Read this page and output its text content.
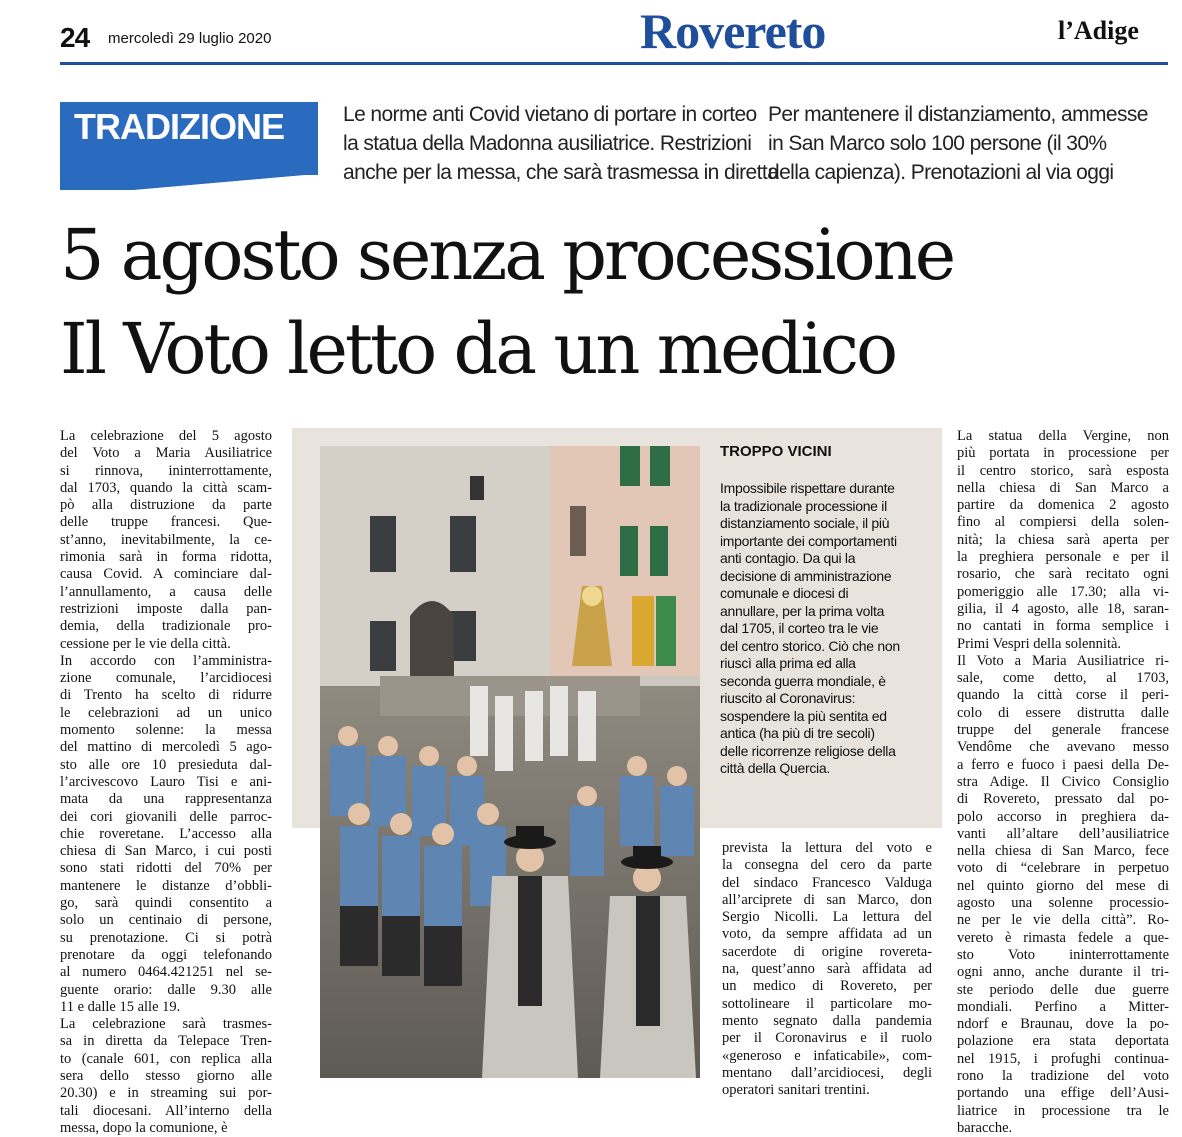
24 mercoledì 29 luglio 2020	Rovereto	l’Adige
TRADIZIONE	Le norme anti Covid vietano di portare in corteo
la statua della Madonna ausiliatrice. Restrizioni
anche per la messa, che sarà trasmessa in diretta
Per mantenere il distanziamento, ammesse
in San Marco solo 100 persone (il 30%
della capienza). Prenotazioni al via oggi
5 agosto senza processione
Il Voto letto da un medico
La celebrazione del 5 agosto
del Voto a Maria Ausiliatrice
si rinnova, ininterrottamente,
dal 1703, quando la città scam-
pò alla distruzione da parte
delle truppe francesi. Que-
st’anno, inevitabilmente, la ce-
rimonia sarà in forma ridotta,
causa Covid. A cominciare dal-
l’annullamento, a causa delle
restrizioni imposte dalla pan-
demia, della tradizionale pro-
cessione per le vie della città.
In accordo con l’amministra-
zione comunale, l’arcidiocesi
di Trento ha scelto di ridurre
le celebrazioni ad un unico
momento solenne: la messa
del mattino di mercoledì 5 ago-
sto alle ore 10 presieduta dal-
l’arcivescovo Lauro Tisi e ani-
mata da una rappresentanza
dei cori giovanili delle parroc-
chie roveretane. L’accesso alla
chiesa di San Marco, i cui posti
sono stati ridotti del 70% per
mantenere le distanze d’obbli-
go, sarà quindi consentito a
solo un centinaio di persone,
su prenotazione. Ci si potrà
prenotare da oggi telefonando
al numero 0464.421251 nel se-
guente orario: dalle 9.30 alle
11 e dalle 15 alle 19.
La celebrazione sarà trasmes-
sa in diretta da Telepace Tren-
to (canale 601, con replica alla
sera dello stesso giorno alle
20.30) e in streaming sui por-
tali diocesani. All’interno della
messa, dopo la comunione, è
TROPPO VICINI
Impossibile rispettare durante
la tradizionale processione il
distanziamento sociale, il più
importante dei comportamenti
anti contagio. Da qui la
decisione di amministrazione
comunale e diocesi di
annullare, per la prima volta
dal 1705, il corteo tra le vie
del centro storico. Ciò che non
riuscì alla prima ed alla
seconda guerra mondiale, è
riuscito al Coronavirus:
sospendere la più sentita ed
antica (ha più di tre secoli)
delle ricorrenze religiose della
città della Quercia.
prevista la lettura del voto e
la consegna del cero da parte
del sindaco Francesco Valduga
all’arciprete di san Marco, don
Sergio Nicolli. La lettura del
voto, da sempre affidata ad un
sacerdote di origine rovereta-
na, quest’anno sarà affidata ad
un medico di Rovereto, per
sottolineare il particolare mo-
mento segnato dalla pandemia
per il Coronavirus e il ruolo
«generoso e infaticabile», com-
mentano dall’arcidiocesi, degli
operatori sanitari trentini.
La statua della Vergine, non
più portata in processione per
il centro storico, sarà esposta
nella chiesa di San Marco a
partire da domenica 2 agosto
fino al compiersi della solen-
nità; la chiesa sarà aperta per
la preghiera personale e per il
rosario, che sarà recitato ogni
pomeriggio alle 17.30; alla vi-
gilia, il 4 agosto, alle 18, saran-
no cantati in forma semplice i
Primi Vespri della solennità.
Il Voto a Maria Ausiliatrice ri-
sale, come detto, al 1703,
quando la città corse il peri-
colo di essere distrutta dalle
truppe del generale francese
Vendôme che avevano messo
a ferro e fuoco i paesi della De-
stra Adige. Il Civico Consiglio
di Rovereto, pressato dal po-
polo accorso in preghiera da-
vanti all’altare dell’ausiliatrice
nella chiesa di San Marco, fece
voto di “celebrare in perpetuo
nel quinto giorno del mese di
agosto una solenne processio-
ne per le vie della città”. Ro-
vereto è rimasta fedele a que-
sto Voto ininterrottamente
ogni anno, anche durante il tri-
ste periodo delle due guerre
mondiali. Perfino a Mitter-
ndorf e Braunau, dove la po-
polazione era stata deportata
nel 1915, i profughi continua-
rono la tradizione del voto
portando una effige dell’Ausi-
liatrice in processione tra le
baracche.
